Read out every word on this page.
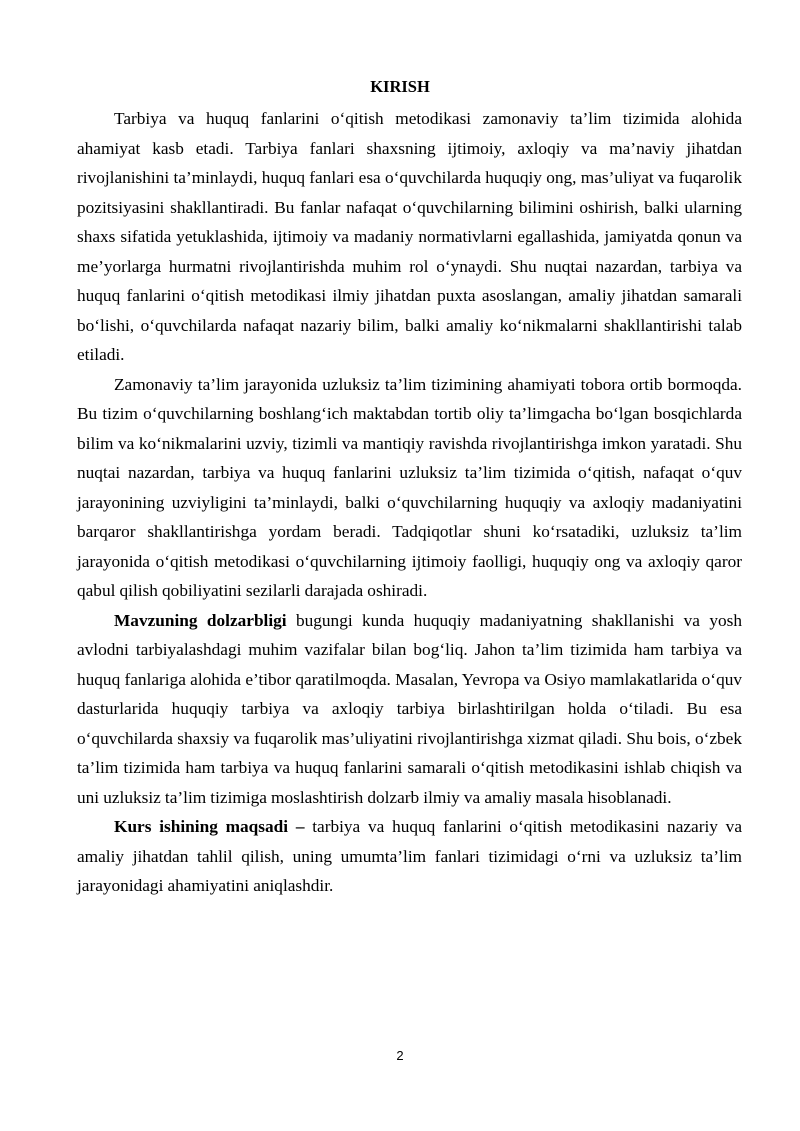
KIRISH

Tarbiya va huquq fanlarini o‘qitish metodikasi zamonaviy ta’lim tizimida alohida ahamiyat kasb etadi. Tarbiya fanlari shaxsning ijtimoiy, axloqiy va ma’naviy jihatdan rivojlanishini ta’minlaydi, huquq fanlari esa o‘quvchilarda huquqiy ong, mas’uliyat va fuqarolik pozitsiyasini shakllantiradi. Bu fanlar nafaqat o‘quvchilarning bilimini oshirish, balki ularning shaxs sifatida yetuklashida, ijtimoiy va madaniy normativlarni egallashida, jamiyatda qonun va me’yorlarga hurmatni rivojlantirishda muhim rol o‘ynaydi. Shu nuqtai nazardan, tarbiya va huquq fanlarini o‘qitish metodikasi ilmiy jihatdan puxta asoslangan, amaliy jihatdan samarali bo‘lishi, o‘quvchilarda nafaqat nazariy bilim, balki amaliy ko‘nikmalarni shakllantirishi talab etiladi.

Zamonaviy ta’lim jarayonida uzluksiz ta’lim tizimining ahamiyati tobora ortib bormoqda. Bu tizim o‘quvchilarning boshlang‘ich maktabdan tortib oliy ta’limgacha bo‘lgan bosqichlarda bilim va ko‘nikmalarini uzviy, tizimli va mantiqiy ravishda rivojlantirishga imkon yaratadi. Shu nuqtai nazardan, tarbiya va huquq fanlarini uzluksiz ta’lim tizimida o‘qitish, nafaqat o‘quv jarayonining uzviyligini ta’minlaydi, balki o‘quvchilarning huquqiy va axloqiy madaniyatini barqaror shakllantirishga yordam beradi. Tadqiqotlar shuni ko‘rsatadiki, uzluksiz ta’lim jarayonida o‘qitish metodikasi o‘quvchilarning ijtimoiy faolligi, huquqiy ong va axloqiy qaror qabul qilish qobiliyatini sezilarli darajada oshiradi.

Mavzuning dolzarbligi bugungi kunda huquqiy madaniyatning shakllanishi va yosh avlodni tarbiyalashdagi muhim vazifalar bilan bog‘liq. Jahon ta’lim tizimida ham tarbiya va huquq fanlariga alohida e’tibor qaratilmoqda. Masalan, Yevropa va Osiyo mamlakatlarida o‘quv dasturlarida huquqiy tarbiya va axloqiy tarbiya birlashtirilgan holda o‘tiladi. Bu esa o‘quvchilarda shaxsiy va fuqarolik mas’uliyatini rivojlantirishga xizmat qiladi. Shu bois, o‘zbek ta’lim tizimida ham tarbiya va huquq fanlarini samarali o‘qitish metodikasini ishlab chiqish va uni uzluksiz ta’lim tizimiga moslashtirish dolzarb ilmiy va amaliy masala hisoblanadi.

Kurs ishining maqsadi – tarbiya va huquq fanlarini o‘qitish metodikasini nazariy va amaliy jihatdan tahlil qilish, uning umumta’lim fanlari tizimidagi o‘rni va uzluksiz ta’lim jarayonidagi ahamiyatini aniqlashdir.

2
